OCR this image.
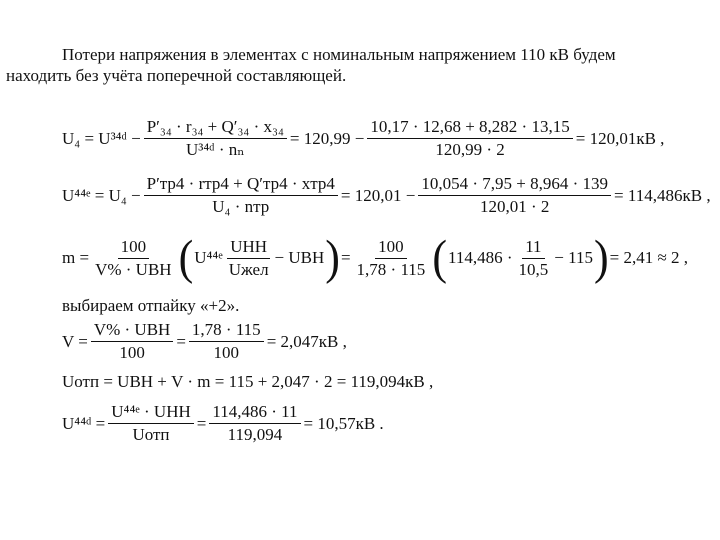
Потери напряжения в элементах с номинальным напряжением 110 кВ будем
находить без учёта поперечной составляющей.
U₄ = U³⁴ᵈ − $\frac{\text{P′₃₄ · r₃₄ + Q′₃₄ · x₃₄}}{\text{U³⁴ᵈ · nₙ}} = 120,99 - \frac{10,17 \cdot 12,68 + 8,282 \cdot 13,15}{120,99 \cdot 2} = 120,01кВ$ ,
U⁴⁴ᵉ = $U_4 - \frac{\text{P′тр4 · rтр4 + Q′тр4 · xтр4}}{\text{U₄ · nтр}} = 120,01 - \frac{10,054 \cdot 7,95 + 8,964 \cdot 139}{120,01 \cdot 2} = 114,486кВ$ ,
$m = \frac{100}{\text{V\% · UВН}}$ ( U⁴⁴ᵉ $\frac{\text{UНН}}{\text{Uжел}}$ − UВН ) = $\frac{100}{1,78 \cdot 115}$ ( $114,486 \cdot \frac{11}{10,5} - 115$ ) = 2,41 ≈ 2 ,
выбираем отпайку «+2».
$V = \frac{\text{V\% · UВН}}{100} = \frac{1,78 \cdot 115}{100} = 2,047кВ$ ,
Uотп = UВН + V · m = 115 + 2,047 · 2 = 119,094кВ ,
U⁴⁴ᵈ = $\frac{\text{U⁴⁴ᵉ · UНН}}{\text{Uотп}} = \frac{114,486 \cdot 11}{119,094} = 10,57кВ$ .
